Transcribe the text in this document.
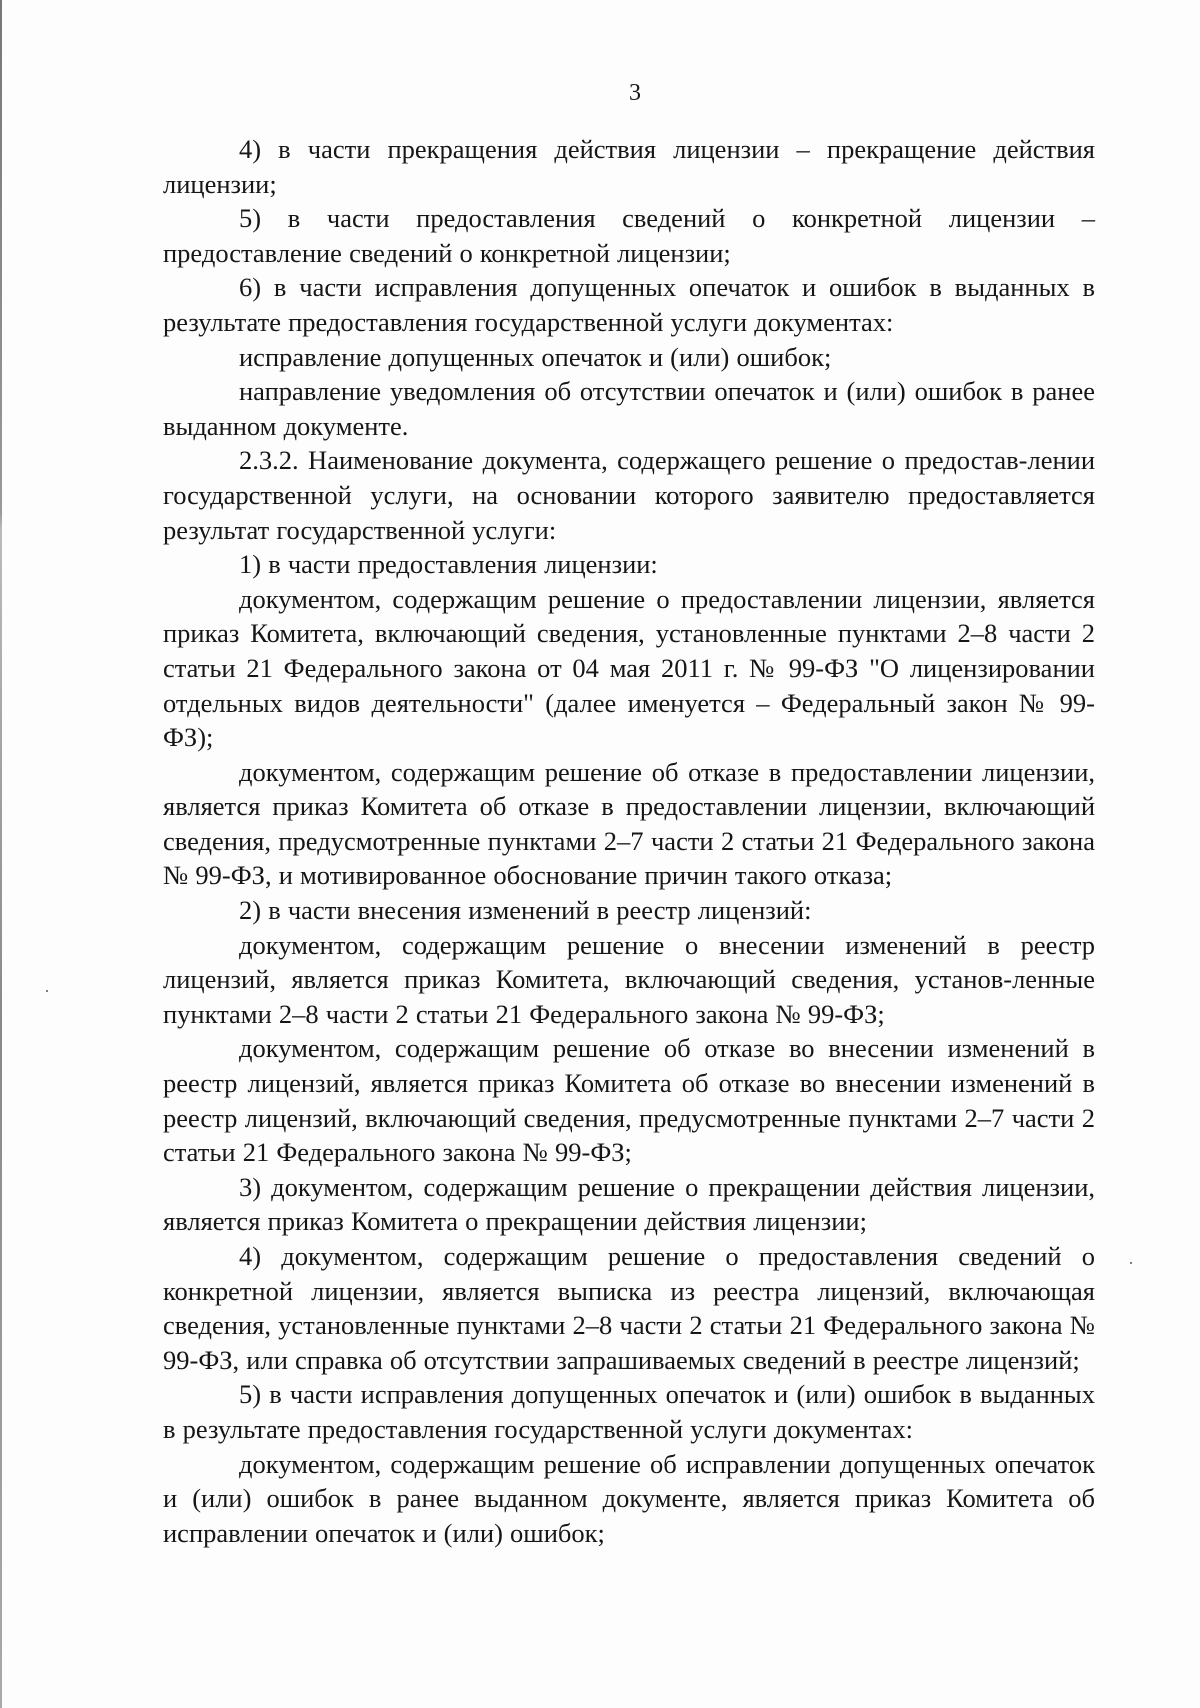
3

4) в части прекращения действия лицензии – прекращение действия лицензии;

5) в части предоставления сведений о конкретной лицензии – предоставление сведений о конкретной лицензии;

6) в части исправления допущенных опечаток и ошибок в выданных в результате предоставления государственной услуги документах:

исправление допущенных опечаток и (или) ошибок;

направление уведомления об отсутствии опечаток и (или) ошибок в ранее выданном документе.

2.3.2. Наименование документа, содержащего решение о предостав-лении государственной услуги, на основании которого заявителю предоставляется результат государственной услуги:

1) в части предоставления лицензии:

документом, содержащим решение о предоставлении лицензии, является приказ Комитета, включающий сведения, установленные пунктами 2–8 части 2 статьи 21 Федерального закона от 04 мая 2011 г. № 99-ФЗ "О лицензировании отдельных видов деятельности" (далее именуется – Федеральный закон № 99-ФЗ);

документом, содержащим решение об отказе в предоставлении лицензии, является приказ Комитета об отказе в предоставлении лицензии, включающий сведения, предусмотренные пунктами 2–7 части 2 статьи 21 Федерального закона № 99-ФЗ, и мотивированное обоснование причин такого отказа;

2) в части внесения изменений в реестр лицензий:

документом, содержащим решение о внесении изменений в реестр лицензий, является приказ Комитета, включающий сведения, установ-ленные пунктами 2–8 части 2 статьи 21 Федерального закона № 99-ФЗ;

документом, содержащим решение об отказе во внесении изменений в реестр лицензий, является приказ Комитета об отказе во внесении изменений в реестр лицензий, включающий сведения, предусмотренные пунктами 2–7 части 2 статьи 21 Федерального закона № 99-ФЗ;

3) документом, содержащим решение о прекращении действия лицензии, является приказ Комитета о прекращении действия лицензии;

4) документом, содержащим решение о предоставления сведений о конкретной лицензии, является выписка из реестра лицензий, включающая сведения, установленные пунктами 2–8 части 2 статьи 21 Федерального закона № 99-ФЗ, или справка об отсутствии запрашиваемых сведений в реестре лицензий;

5) в части исправления допущенных опечаток и (или) ошибок в выданных в результате предоставления государственной услуги документах:

документом, содержащим решение об исправлении допущенных опечаток и (или) ошибок в ранее выданном документе, является приказ Комитета об исправлении опечаток и (или) ошибок;
